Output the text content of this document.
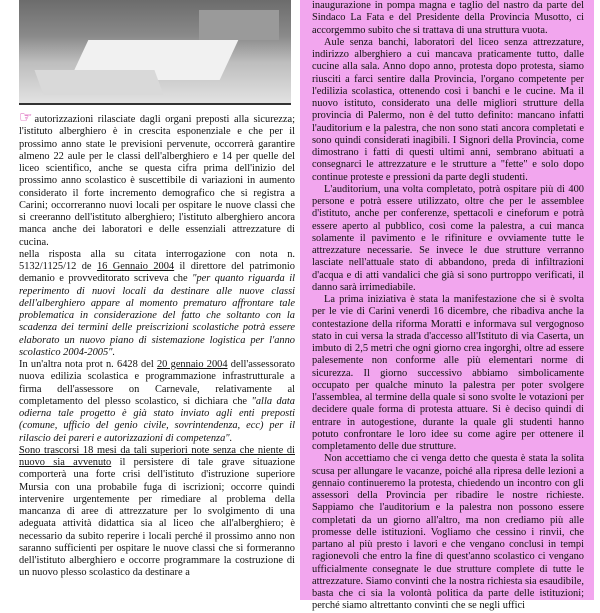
☞ autorizzazioni rilasciate dagli organi preposti alla sicurezza; l'istituto alberghiero è in crescita esponenziale e che per il prossimo anno state le previsioni pervenute, occorrerà garantire almeno 22 aule per le classi dell'alberghiero e 14 per quelle del liceo scientifico, anche se questa cifra prima dell'inizio del prossimo anno scolastico è suscettibile di variazioni in aumento considerato il forte incremento demografico che si registra a Carini; occorreranno nuovi locali per ospitare le nuove classi che si creeranno dell'istituto alberghiero; l'istituto alberghiero ancora manca anche dei laboratori e delle essenziali attrezzature di cucina.

nella risposta alla su citata interrogazione con nota n. 5132/1125/12 de 16 Gennaio 2004 il direttore del patrimonio demanio e provveditorato scriveva che "per quanto riguarda il reperimento di nuovi locali da destinare alle nuove classi dell'alberghiero appare al momento prematuro affrontare tale problematica in considerazione del fatto che soltanto con la scadenza dei termini delle preiscrizioni scolastiche potrà essere elaborato un nuovo piano di sistemazione logistica per l'anno scolastico 2004-2005".

In un'altra nota prot n. 6428 del 20 gennaio 2004 dell'assessorato nuova edilizia scolastica e programmazione infrastrutturale a firma dell'assessore on Carnevale, relativamente al completamento del plesso scolastico, si dichiara che "alla data odierna tale progetto è già stato inviato agli enti preposti (comune, ufficio del genio civile, sovrintendenza, ecc) per il rilascio dei pareri e autorizzazioni di competenza".

Sono trascorsi 18 mesi da tali superiori note senza che niente di nuovo sia avvenuto il persistere di tale grave situazione comporterà una forte crisi dell'istituto d'istruzione superiore Mursia con una probabile fuga di iscrizioni; occorre quindi intervenire urgentemente per rimediare al problema della mancanza di aree di attrezzature per lo svolgimento di una adeguata attività didattica sia al liceo che all'alberghiero; è necessario da subito reperire i locali perché il prossimo anno non saranno sufficienti per ospitare le nuove classi che si formeranno dell'istituto alberghiero e occorre programmare la costruzione di un nuovo plesso scolastico da destinare a

inaugurazione in pompa magna e taglio del nastro da parte del Sindaco La Fata e del Presidente della Provincia Musotto, ci accorgemmo subito che si trattava di una struttura vuota.

Aule senza banchi, laboratori del liceo senza attrezzature, indirizzo alberghiero a cui mancava praticamente tutto, dalle cucine alla sala. Anno dopo anno, protesta dopo protesta, siamo riusciti a farci sentire dalla Provincia, l'organo competente per l'edilizia scolastica, ottenendo così i banchi e le cucine. Ma il nuovo istituto, considerato una delle migliori strutture della provincia di Palermo, non è del tutto definito: mancano infatti l'auditorium e la palestra, che non sono stati ancora completati e sono quindi considerati inagibili. I Signori della Provincia, come dimostrano i fatti di questi ultimi anni, sembrano abituati a consegnarci le attrezzature e le strutture a "fette" e solo dopo continue proteste e pressioni da parte degli studenti.

L'auditorium, una volta completato, potrà ospitare più di 400 persone e potrà essere utilizzato, oltre che per le assemblee d'istituto, anche per conferenze, spettacoli e cineforum e potrà essere aperto al pubblico, così come la palestra, a cui manca solamente il pavimento e le rifiniture e ovviamente tutte le attrezzature necessarie. Se invece le due strutture verranno lasciate nell'attuale stato di abbandono, preda di infiltrazioni d'acqua e di atti vandalici che già si sono purtroppo verificati, il danno sarà irrimediabile.

La prima iniziativa è stata la manifestazione che si è svolta per le vie di Carini venerdì 16 dicembre, che ribadiva anche la contestazione della riforma Moratti e informava sul vergognoso stato in cui versa la strada d'accesso all'Istituto di via Caserta, un imbuto di 2,5 metri che ogni giorno crea ingorghi, oltre ad essere palesemente non conforme alle più elementari norme di sicurezza. Il giorno successivo abbiamo simbolicamente occupato per qualche minuto la palestra per poter svolgere l'assemblea, al termine della quale si sono svolte le votazioni per decidere quale forma di protesta attuare. Si è deciso quindi di entrare in autogestione, durante la quale gli studenti hanno potuto confrontare le loro idee su come agire per ottenere il completamento delle due strutture.

Non accettiamo che ci venga detto che questa è stata la solita scusa per allungare le vacanze, poiché alla ripresa delle lezioni a gennaio continueremo la protesta, chiedendo un incontro con gli assessori della Provincia per ribadire le nostre richieste. Sappiamo che l'auditorium e la palestra non possono essere completati da un giorno all'altro, ma non crediamo più alle promesse delle istituzioni. Vogliamo che cessino i rinvii, che partano al più presto i lavori e che vengano conclusi in tempi ragionevoli che entro la fine di quest'anno scolastico ci vengano ufficialmente consegnate le due strutture complete di tutte le attrezzature. Siamo convinti che la nostra richiesta sia esaudibile, basta che ci sia la volontà politica da parte delle istituzioni; perché siamo altrettanto convinti che se negli uffici
